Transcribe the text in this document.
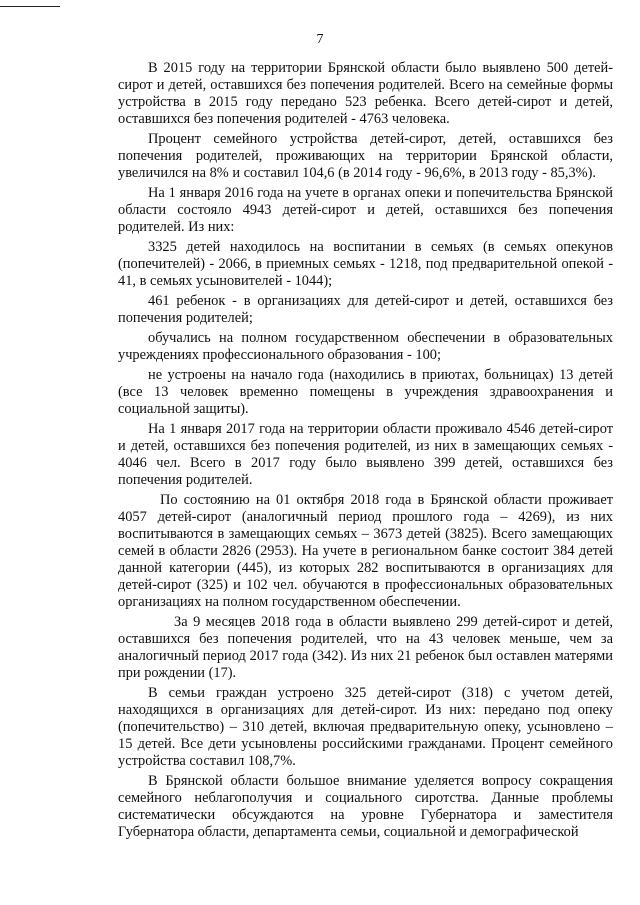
7

В 2015 году на территории Брянской области было выявлено 500 детей-сирот и детей, оставшихся без попечения родителей. Всего на семейные формы устройства в 2015 году передано 523 ребенка. Всего детей-сирот и детей, оставшихся без попечения родителей - 4763 человека.

Процент семейного устройства детей-сирот, детей, оставшихся без попечения родителей, проживающих на территории Брянской области, увеличился на 8% и составил 104,6 (в 2014 году - 96,6%, в 2013 году - 85,3%).

На 1 января 2016 года на учете в органах опеки и попечительства Брянской области состояло 4943 детей-сирот и детей, оставшихся без попечения родителей. Из них:

3325 детей находилось на воспитании в семьях (в семьях опекунов (попечителей) - 2066, в приемных семьях - 1218, под предварительной опекой - 41, в семьях усыновителей - 1044);

461 ребенок - в организациях для детей-сирот и детей, оставшихся без попечения родителей;

обучались на полном государственном обеспечении в образовательных учреждениях профессионального образования - 100;

не устроены на начало года (находились в приютах, больницах) 13 детей (все 13 человек временно помещены в учреждения здравоохранения и социальной защиты).

На 1 января 2017 года на территории области проживало 4546 детей-сирот и детей, оставшихся без попечения родителей, из них в замещающих семьях - 4046 чел. Всего в 2017 году было выявлено 399 детей, оставшихся без попечения родителей.

По состоянию на 01 октября 2018 года в Брянской области проживает 4057 детей-сирот (аналогичный период прошлого года – 4269), из них воспитываются в замещающих семьях – 3673 детей (3825). Всего замещающих семей в области 2826 (2953). На учете в региональном банке состоит 384 детей данной категории (445), из которых 282 воспитываются в организациях для детей-сирот (325) и 102 чел. обучаются в профессиональных образовательных организациях на полном государственном обеспечении.

За 9 месяцев 2018 года в области выявлено 299 детей-сирот и детей, оставшихся без попечения родителей, что на 43 человек меньше, чем за аналогичный период 2017 года (342). Из них 21 ребенок был оставлен матерями при рождении (17).

В семьи граждан устроено 325 детей-сирот (318) с учетом детей, находящихся в организациях для детей-сирот. Из них: передано под опеку (попечительство) – 310 детей, включая предварительную опеку, усыновлено – 15 детей. Все дети усыновлены российскими гражданами. Процент семейного устройства составил 108,7%.

В Брянской области большое внимание уделяется вопросу сокращения семейного неблагополучия и социального сиротства. Данные проблемы систематически обсуждаются на уровне Губернатора и заместителя Губернатора области, департамента семьи, социальной и демографической
